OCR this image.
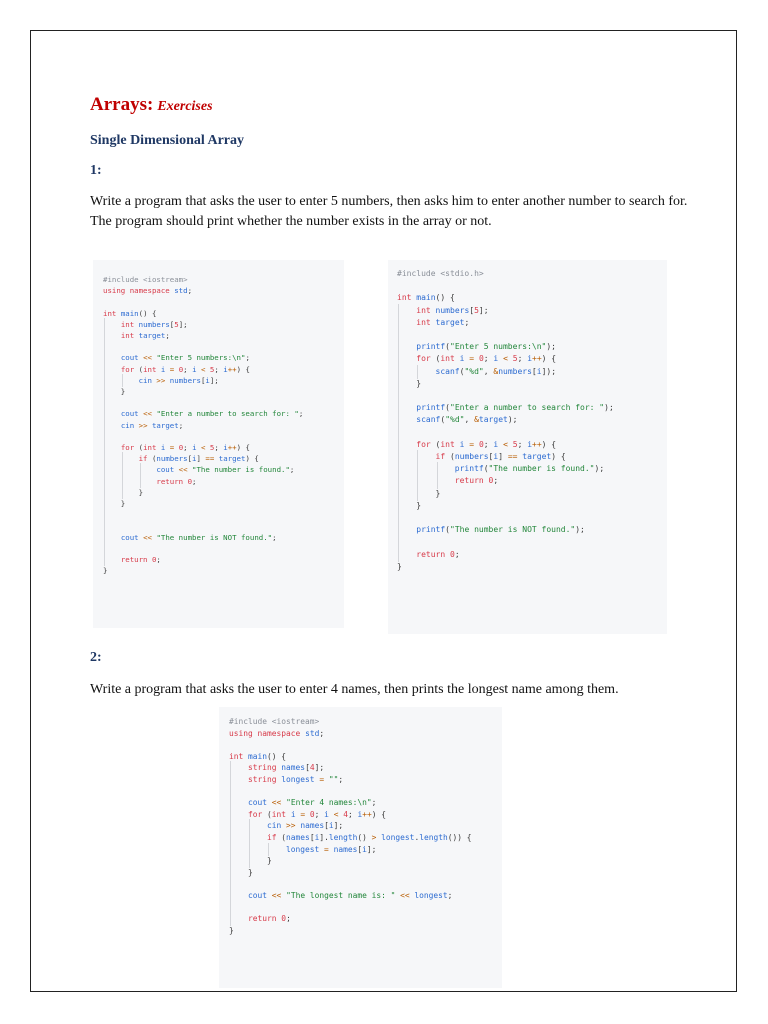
Arrays: Exercises
Single Dimensional Array
1:
Write a program that asks the user to enter 5 numbers, then asks him to enter another number to search for. The program should print whether the number exists in the array or not.
#include <iostream>
using namespace std;

int main() {
int numbers[5];
int target;

cout << "Enter 5 numbers:\n";
for (int i = 0; i < 5; i++) {
cin >> numbers[i];
}

cout << "Enter a number to search for: ";
cin >> target;

for (int i = 0; i < 5; i++) {
if (numbers[i] == target) {
cout << "The number is found.";
return 0;
}
}

cout << "The number is NOT found.";

return 0;
}
#include <stdio.h>

int main() {
int numbers[5];
int target;

printf("Enter 5 numbers:\n");
for (int i = 0; i < 5; i++) {
scanf("%d", &numbers[i]);
}

printf("Enter a number to search for: ");
scanf("%d", &target);

for (int i = 0; i < 5; i++) {
if (numbers[i] == target) {
printf("The number is found.");
return 0;
}
}

printf("The number is NOT found.");

return 0;
}
2:
Write a program that asks the user to enter 4 names, then prints the longest name among them.
#include <iostream>
using namespace std;

int main() {
string names[4];
string longest = "";

cout << "Enter 4 names:\n";
for (int i = 0; i < 4; i++) {
cin >> names[i];
if (names[i].length() > longest.length()) {
longest = names[i];
}
}

cout << "The longest name is: " << longest;

return 0;
}
